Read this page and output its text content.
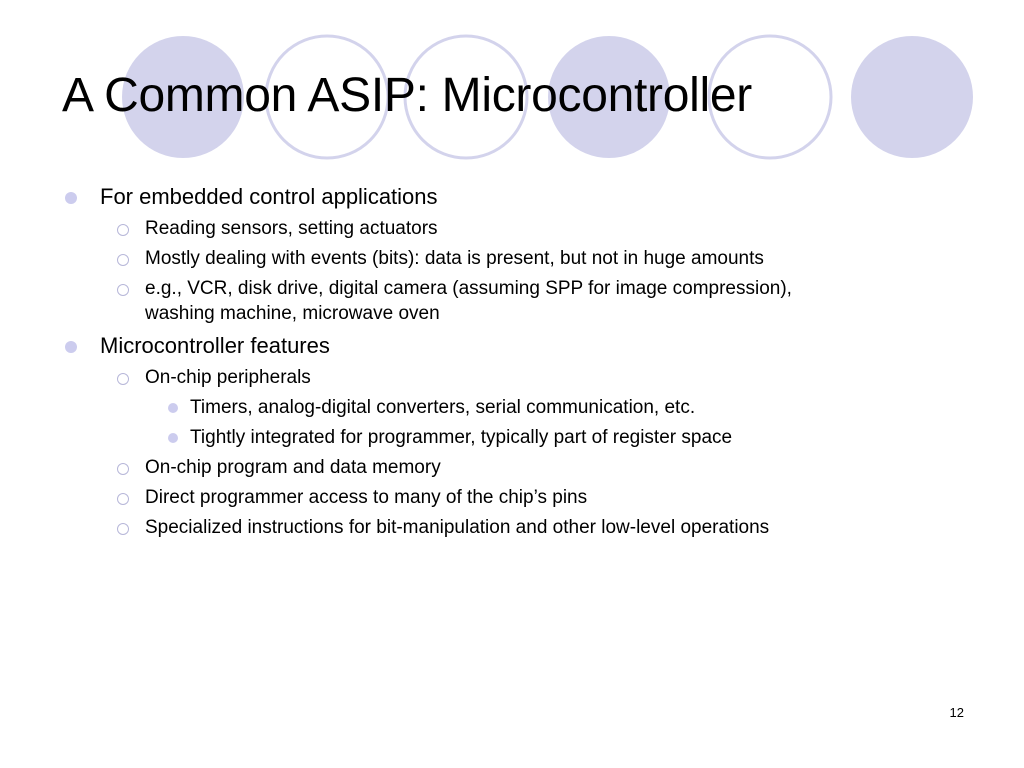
A Common ASIP: Microcontroller
For embedded control applications
Reading sensors, setting actuators
Mostly dealing with events (bits): data is present, but not in huge amounts
e.g., VCR, disk drive, digital camera (assuming SPP for image compression),
washing machine, microwave oven
Microcontroller features
On-chip peripherals
Timers, analog-digital converters, serial communication, etc.
Tightly integrated for programmer, typically part of register space
On-chip program and data memory
Direct programmer access to many of the chip’s pins
Specialized instructions for bit-manipulation and other low-level operations
12
